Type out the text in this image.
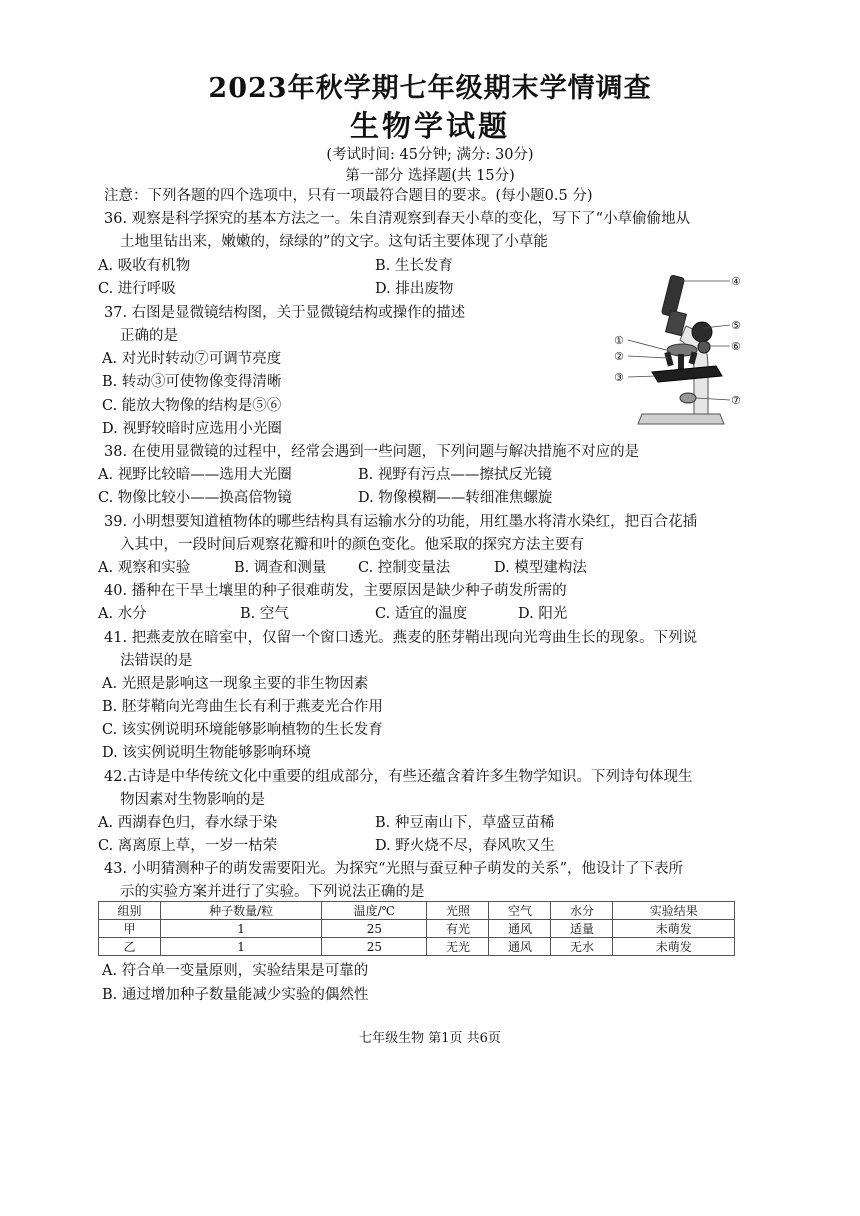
2023年秋学期七年级期末学情调查
生物学试题
(考试时间: 45分钟; 满分: 30分)
第一部分 选择题(共 15分)
注意：下列各题的四个选项中，只有一项最符合题目的要求。(每小题0.5 分)
36. 观察是科学探究的基本方法之一。朱自清观察到春天小草的变化，写下了“小草偷偷地从
土地里钻出来，嫩嫩的，绿绿的”的文字。这句话主要体现了小草能
A. 吸收有机物	B. 生长发育
C. 进行呼吸	D. 排出废物
37. 右图是显微镜结构图，关于显微镜结构或操作的描述
正确的是
A. 对光时转动⑦可调节亮度
B. 转动③可使物像变得清晰
C. 能放大物像的结构是⑤⑥
D. 视野较暗时应选用小光圈
①
②
③
④
⑤
⑥
⑦
38. 在使用显微镜的过程中，经常会遇到一些问题，下列问题与解决措施不对应的是
A. 视野比较暗——选用大光圈	B. 视野有污点——擦拭反光镜
C. 物像比较小——换高倍物镜	D. 物像模糊——转细准焦螺旋
39. 小明想要知道植物体的哪些结构具有运输水分的功能，用红墨水将清水染红，把百合花插
入其中，一段时间后观察花瓣和叶的颜色变化。他采取的探究方法主要有
A. 观察和实验	B. 调查和测量 C. 控制变量法	D. 模型建构法
40. 播种在干旱土壤里的种子很难萌发，主要原因是缺少种子萌发所需的
A. 水分	B. 空气	C. 适宜的温度	D. 阳光
41. 把燕麦放在暗室中，仅留一个窗口透光。燕麦的胚芽鞘出现向光弯曲生长的现象。下列说
法错误的是
A. 光照是影响这一现象主要的非生物因素
B. 胚芽鞘向光弯曲生长有利于燕麦光合作用
C. 该实例说明环境能够影响植物的生长发育
D. 该实例说明生物能够影响环境
42.古诗是中华传统文化中重要的组成部分，有些还蕴含着许多生物学知识。下列诗句体现生
物因素对生物影响的是
A. 西湖春色归，春水绿于染	B. 种豆南山下，草盛豆苗稀
C. 离离原上草，一岁一枯荣	D. 野火烧不尽，春风吹又生
43. 小明猜测种子的萌发需要阳光。为探究“光照与蚕豆种子萌发的关系”，他设计了下表所
示的实验方案并进行了实验。下列说法正确的是
组别	种子数量/粒	温度/℃	光照	空气	水分	实验结果
甲	1	25	有光	通风	适量	未萌发
乙	1	25	无光	通风	无水	未萌发
A. 符合单一变量原则，实验结果是可靠的
B. 通过增加种子数量能减少实验的偶然性
七年级生物 第1页 共6页
